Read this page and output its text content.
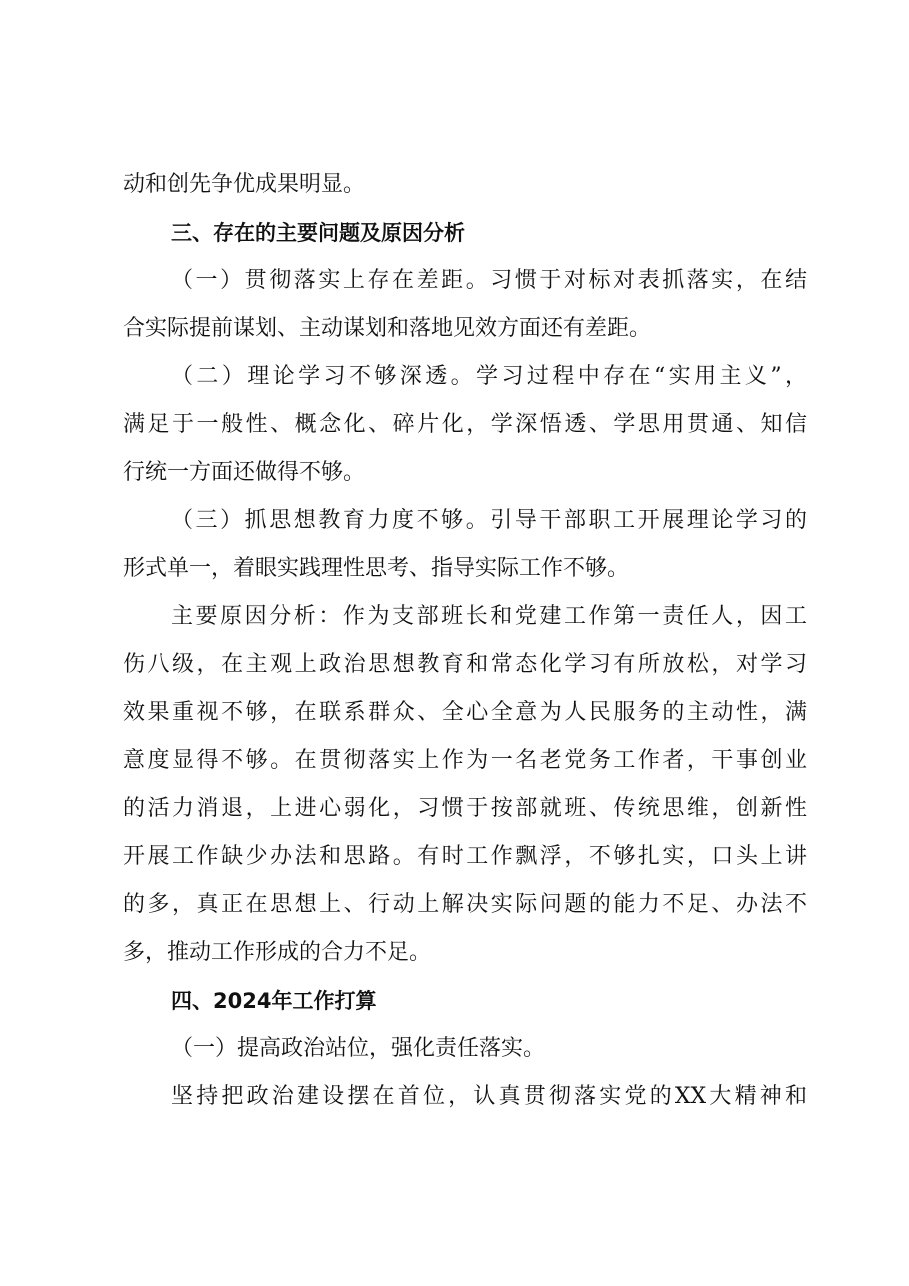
动和创先争优成果明显。
三、存在的主要问题及原因分析
（一）贯彻落实上存在差距。习惯于对标对表抓落实，在结
合实际提前谋划、主动谋划和落地见效方面还有差距。
（二）理论学习不够深透。学习过程中存在“实用主义”，
满足于一般性、概念化、碎片化，学深悟透、学思用贯通、知信
行统一方面还做得不够。
（三）抓思想教育力度不够。引导干部职工开展理论学习的
形式单一，着眼实践理性思考、指导实际工作不够。
主要原因分析：作为支部班长和党建工作第一责任人，因工
伤八级，在主观上政治思想教育和常态化学习有所放松，对学习
效果重视不够，在联系群众、全心全意为人民服务的主动性，满
意度显得不够。在贯彻落实上作为一名老党务工作者，干事创业
的活力消退，上进心弱化，习惯于按部就班、传统思维，创新性
开展工作缺少办法和思路。有时工作飘浮，不够扎实，口头上讲
的多，真正在思想上、行动上解决实际问题的能力不足、办法不
多，推动工作形成的合力不足。
四、2024年工作打算
（一）提高政治站位，强化责任落实。
坚持把政治建设摆在首位，认真贯彻落实党的XX大精神和
